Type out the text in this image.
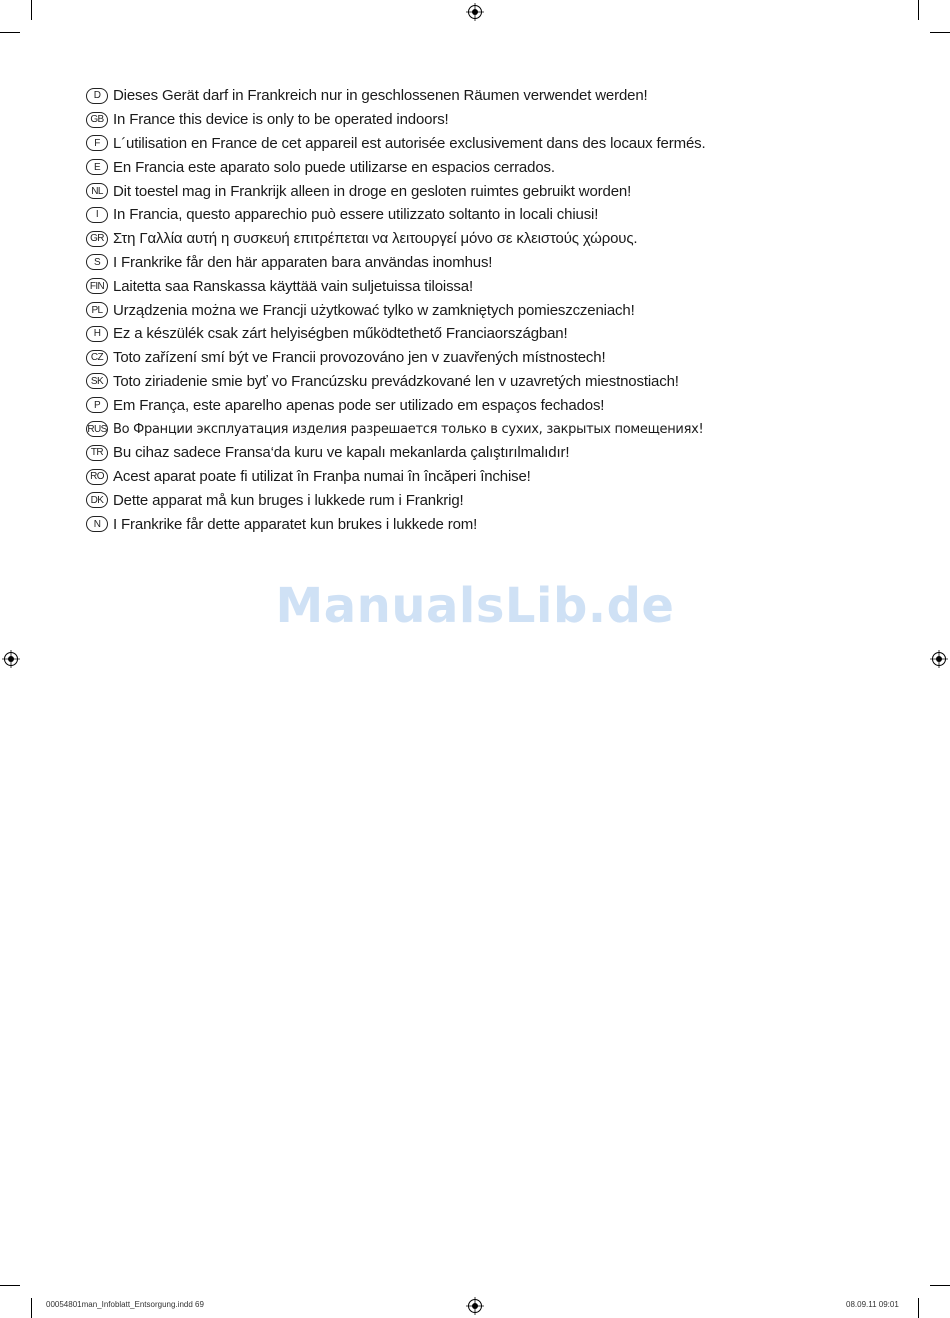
D Dieses Gerät darf in Frankreich nur in geschlossenen Räumen verwendet werden!
GB In France this device is only to be operated indoors!
F L´utilisation en France de cet appareil est autorisée exclusivement dans des locaux fermés.
E En Francia este aparato solo puede utilizarse en espacios cerrados.
NL Dit toestel mag in Frankrijk alleen in droge en gesloten ruimtes gebruikt worden!
I In Francia, questo apparechio può essere utilizzato soltanto in locali chiusi!
GR Στη Γαλλία αυτή η συσκευή επιτρέπεται να λειτουργεί μόνο σε κλειστούς χώρους.
S I Frankrike får den här apparaten bara användas inomhus!
FIN Laitetta saa Ranskassa käyttää vain suljetuissa tiloissa!
PL Urządzenia można we Francji użytkować tylko w zamkniętych pomieszczeniach!
H Ez a készülék csak zárt helyiségben működtethető Franciaországban!
CZ Toto zařízení smí být ve Francii provozováno jen v zuavřených místnostech!
SK Toto ziriadenie smie byť vo Francúzsku prevádzkované len v uzavretých miestnostiach!
P Em França, este aparelho apenas pode ser utilizado em espaços fechados!
RUS Во Франции эксплуатация изделия разрешается только в сухих, закрытых помещениях!
TR Bu cihaz sadece Fransa‘da kuru ve kapalı mekanlarda çalıştırılmalıdır!
RO Acest aparat poate fi utilizat în Franþa numai în încăperi închise!
DK Dette apparat må kun bruges i lukkede rum i Frankrig!
N I Frankrike får dette apparatet kun brukes i lukkede rom!
ManualsLib.de
00054801man_Infoblatt_Entsorgung.indd 69	08.09.11 09:01
